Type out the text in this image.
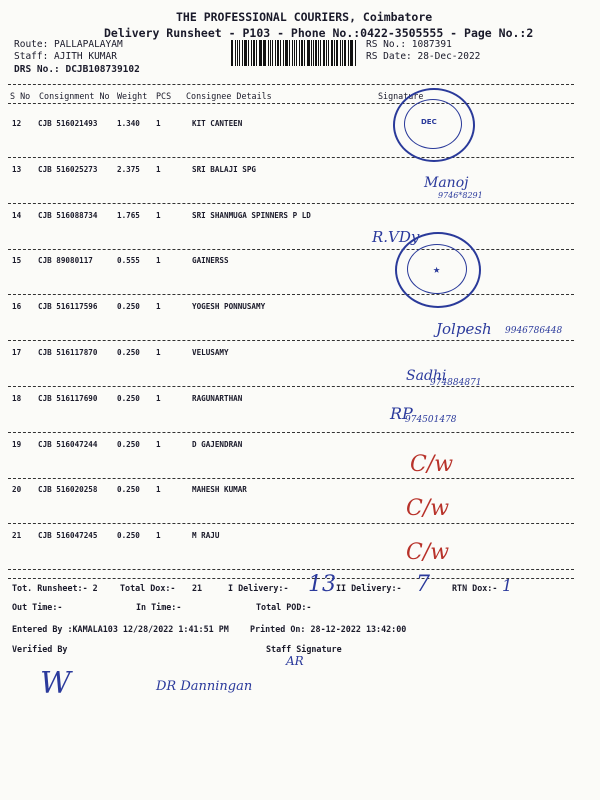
THE PROFESSIONAL COURIERS, Coimbatore
Delivery Runsheet - P103 - Phone No.:0422-3505555 - Page No.:2
Route: PALLAPALAYAM
Staff: AJITH KUMAR
DRS No.: DCJB108739102
RS No.: 1087391
RS Date: 28-Dec-2022
S No Consignment No Weight PCS Consignee Details	Signature
12 CJB 516021493	1.340 1	KIT CANTEEN
13 CJB 516025273	2.375 1	SRI BALAJI SPG
14 CJB 516088734	1.765 1	SRI SHANMUGA SPINNERS P LD
15 CJB 89080117	0.555 1	GAINERSS
16 CJB 516117596	0.250 1	YOGESH PONNUSAMY
17 CJB 516117870	0.250 1	VELUSAMY
18 CJB 516117690	0.250 1	RAGUNARTHAN
19 CJB 516047244	0.250 1	D GAJENDRAN
20 CJB 516020258	0.250 1	MAHESH KUMAR
21 CJB 516047245	0.250 1	M RAJU
DEC
★
Manoj
9746*8291
R.VDy
Jolpesh 9946786448
Sadhi
974884871
RP
974501478
C/w
C/w
C/w
Tot. Runsheet:- 2	Total Dox:- 21	I Delivery:- 13 II Delivery:- 7	RTN Dox:- 1
Out Time:-	In Time:-	Total POD:-
Entered By :KAMALA103 12/28/2022 1:41:51 PM	Printed On: 28-12-2022 13:42:00
Verified By	Staff Signature
AR
W	DR Danningan
